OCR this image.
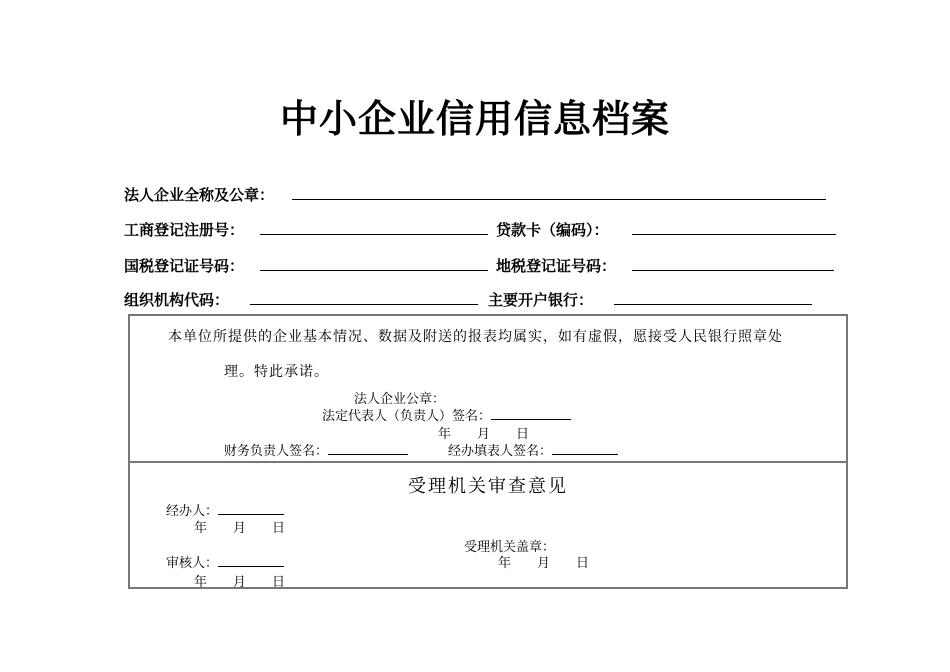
中小企业信用信息档案
法人企业全称及公章：
工商登记注册号：	贷款卡（编码）：
国税登记证号码：	地税登记证号码：
组织机构代码：	主要开户银行：
本单位所提供的企业基本情况、数据及附送的报表均属实，如有虚假，愿接受人民银行照章处
理。特此承诺。
法人企业公章：
法定代表人（负责人）签名：
年　　月　　日
财务负责人签名：	经办填表人签名：
受理机关审查意见
经办人：
年　　月　　日
受理机关盖章：
审核人：	年　　月　　日
年　　月　　日
